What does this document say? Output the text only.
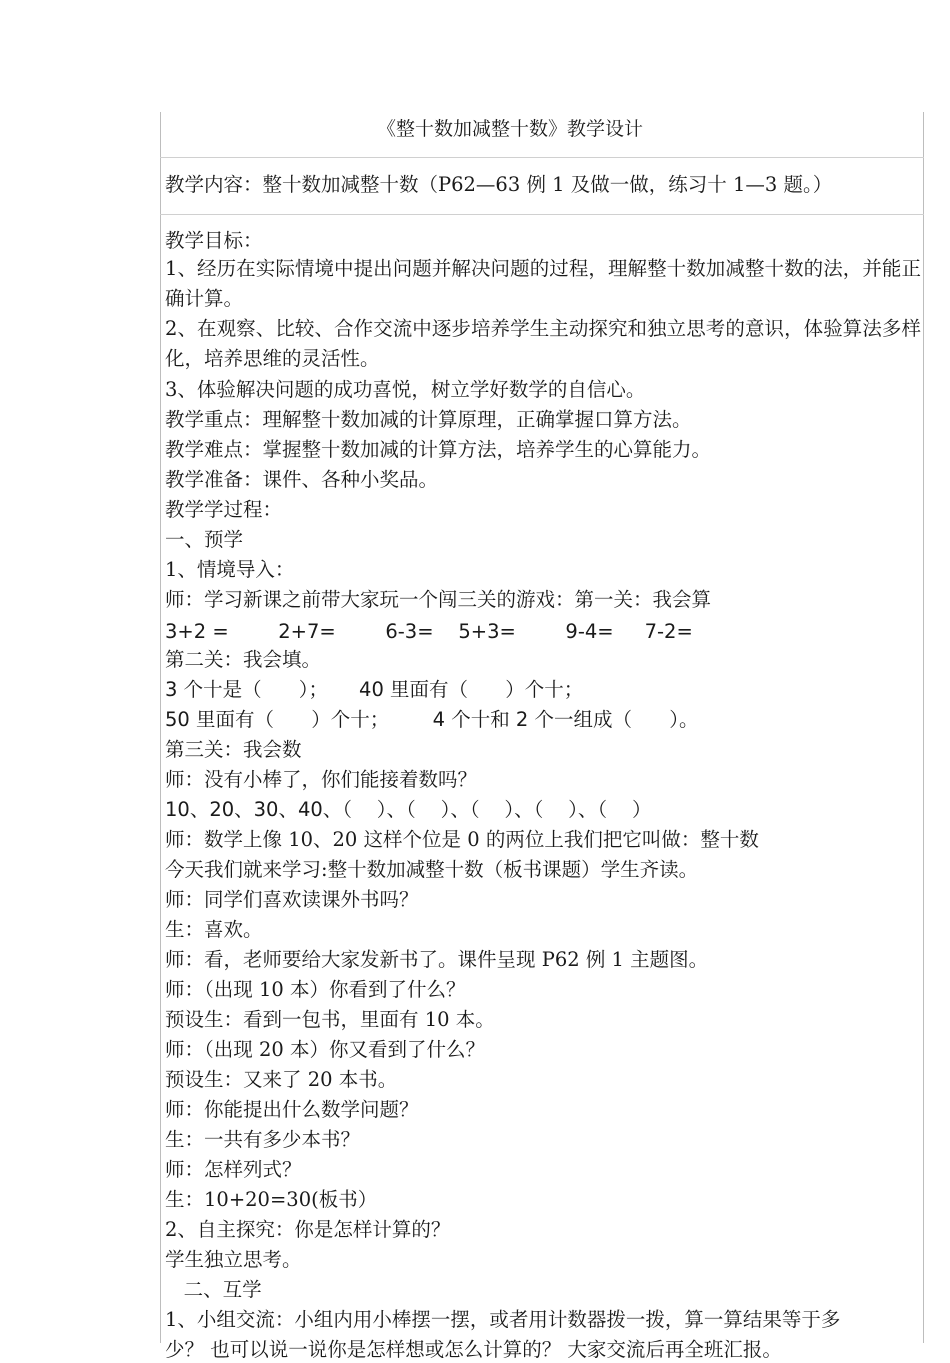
《整十数加减整十数》教学设计
教学内容：整十数加减整十数（P62—63 例 1 及做一做，练习十 1—3 题。）
教学目标：
1、经历在实际情境中提出问题并解决问题的过程，理解整十数加减整十数的法，并能正确计算。
2、在观察、比较、合作交流中逐步培养学生主动探究和独立思考的意识，体验算法多样化，培养思维的灵活性。
3、体验解决问题的成功喜悦，树立学好数学的自信心。
教学重点：理解整十数加减的计算原理，正确掌握口算方法。
教学难点：掌握整十数加减的计算方法，培养学生的心算能力。
教学准备：课件、各种小奖品。
教学学过程：
一、预学
1、情境导入：
师：学习新课之前带大家玩一个闯三关的游戏：第一关：我会算
3+2 =        2+7=        6-3=    5+3=        9-4=     7-2=
第二关：我会填。
3 个十是（      ）；     40 里面有（      ）个十；
50 里面有（      ）个十；       4 个十和 2 个一组成（      ）。
第三关：我会数
师：没有小棒了，你们能接着数吗？
10、20、30、40、（    ）、（    ）、（    ）、（    ）、（    ）
师：数学上像 10、20 这样个位是 0 的两位上我们把它叫做：整十数
今天我们就来学习:整十数加减整十数（板书课题）学生齐读。
师：同学们喜欢读课外书吗？
生：喜欢。
师：看，老师要给大家发新书了。课件呈现 P62 例 1 主题图。
师：（出现 10 本）你看到了什么？
预设生：看到一包书，里面有 10 本。
师：（出现 20 本）你又看到了什么？
预设生：又来了 20 本书。
师：你能提出什么数学问题？
生：一共有多少本书？
师：怎样列式？
生：10+20=30(板书）
2、自主探究：你是怎样计算的？
学生独立思考。
二、互学
1、小组交流：小组内用小棒摆一摆，或者用计数器拨一拨，算一算结果等于多
少？ 也可以说一说你是怎样想或怎么计算的？ 大家交流后再全班汇报。
